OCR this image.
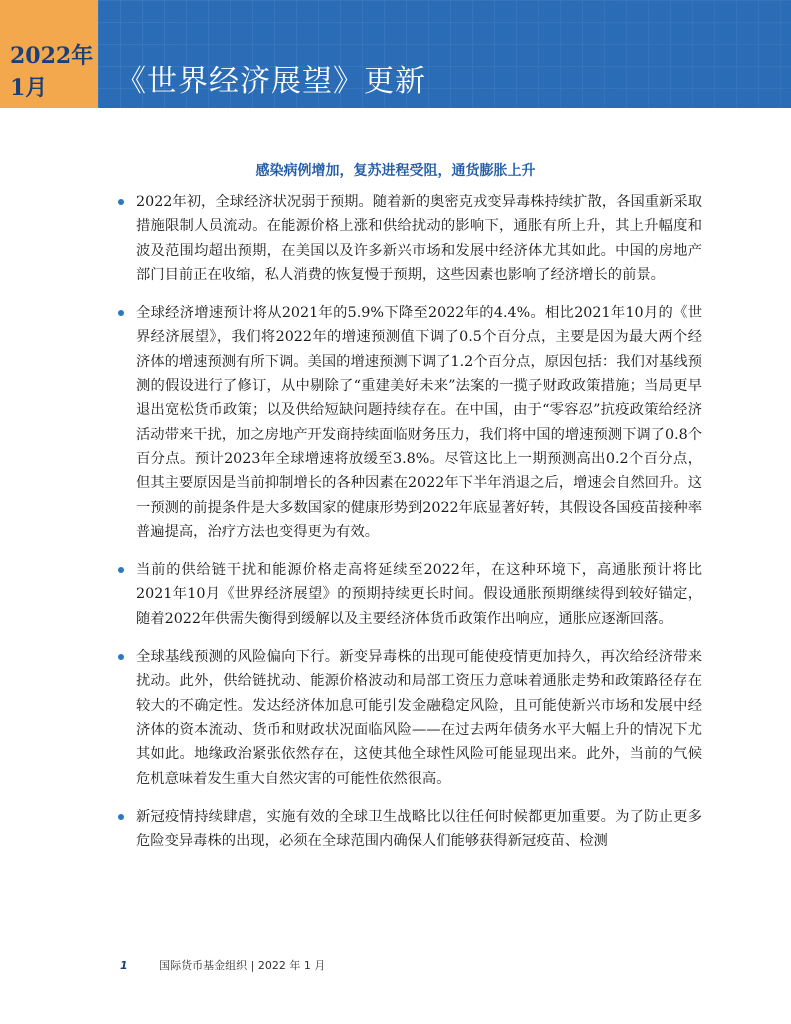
2022年
1月	《世界经济展望》更新
感染病例增加，复苏进程受阻，通货膨胀上升
2022年初，全球经济状况弱于预期。随着新的奥密克戎变异毒株持续扩散，各国重新采取措施限制人员流动。在能源价格上涨和供给扰动的影响下，通胀有所上升，其上升幅度和波及范围均超出预期，在美国以及许多新兴市场和发展中经济体尤其如此。中国的房地产部门目前正在收缩，私人消费的恢复慢于预期，这些因素也影响了经济增长的前景。
全球经济增速预计将从2021年的5.9%下降至2022年的4.4%。相比2021年10月的《世界经济展望》，我们将2022年的增速预测值下调了0.5个百分点，主要是因为最大两个经济体的增速预测有所下调。美国的增速预测下调了1.2个百分点，原因包括：我们对基线预测的假设进行了修订，从中剔除了“重建美好未来”法案的一揽子财政政策措施；当局更早退出宽松货币政策；以及供给短缺问题持续存在。在中国，由于“零容忍”抗疫政策给经济活动带来干扰，加之房地产开发商持续面临财务压力，我们将中国的增速预测下调了0.8个百分点。预计2023年全球增速将放缓至3.8%。尽管这比上一期预测高出0.2个百分点，但其主要原因是当前抑制增长的各种因素在2022年下半年消退之后，增速会自然回升。这一预测的前提条件是大多数国家的健康形势到2022年底显著好转，其假设各国疫苗接种率普遍提高，治疗方法也变得更为有效。
当前的供给链干扰和能源价格走高将延续至2022年，在这种环境下，高通胀预计将比2021年10月《世界经济展望》的预期持续更长时间。假设通胀预期继续得到较好锚定，随着2022年供需失衡得到缓解以及主要经济体货币政策作出响应，通胀应逐渐回落。
全球基线预测的风险偏向下行。新变异毒株的出现可能使疫情更加持久，再次给经济带来扰动。此外，供给链扰动、能源价格波动和局部工资压力意味着通胀走势和政策路径存在较大的不确定性。发达经济体加息可能引发金融稳定风险，且可能使新兴市场和发展中经济体的资本流动、货币和财政状况面临风险——在过去两年债务水平大幅上升的情况下尤其如此。地缘政治紧张依然存在，这使其他全球性风险可能显现出来。此外，当前的气候危机意味着发生重大自然灾害的可能性依然很高。
新冠疫情持续肆虐，实施有效的全球卫生战略比以往任何时候都更加重要。为了防止更多危险变异毒株的出现，必须在全球范围内确保人们能够获得新冠疫苗、检测
1	国际货币基金组织 | 2022 年 1 月
